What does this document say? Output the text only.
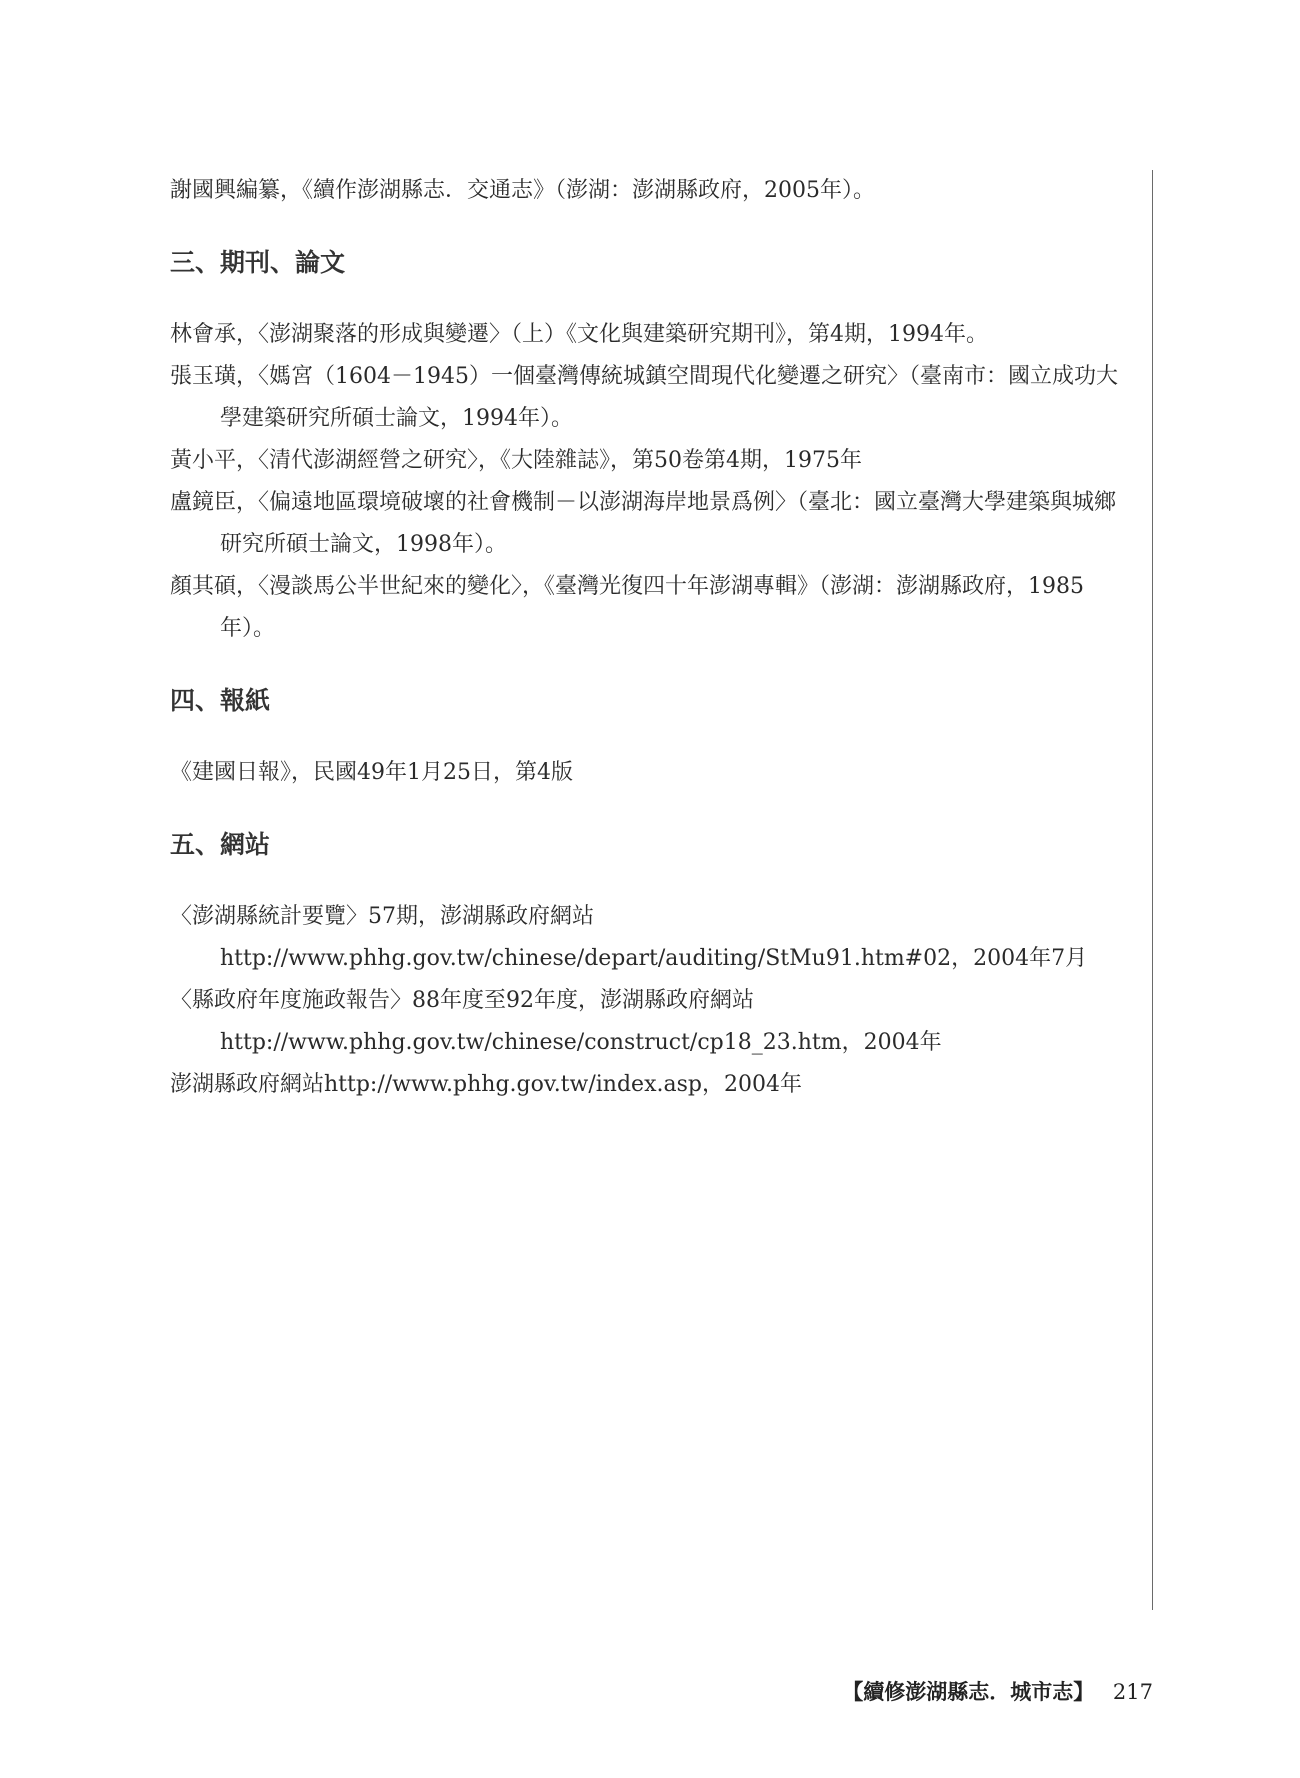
謝國興編纂，《續作澎湖縣志．交通志》（澎湖：澎湖縣政府，2005年）。

三、期刊、論文

林會承，〈澎湖聚落的形成與變遷〉（上）《文化與建築研究期刊》，第4期，1994年。

張玉璜，〈媽宮（1604－1945）一個臺灣傳統城鎮空間現代化變遷之研究〉（臺南市：國立成功大學建築研究所碩士論文，1994年）。

黃小平，〈清代澎湖經營之研究〉，《大陸雜誌》，第50卷第4期，1975年

盧鏡臣，〈偏遠地區環境破壞的社會機制－以澎湖海岸地景爲例〉（臺北：國立臺灣大學建築與城鄉研究所碩士論文，1998年）。

顏其碩，〈漫談馬公半世紀來的變化〉，《臺灣光復四十年澎湖專輯》（澎湖：澎湖縣政府，1985年）。

四、報紙

《建國日報》，民國49年1月25日，第4版

五、網站

〈澎湖縣統計要覽〉57期，澎湖縣政府網站http://www.phhg.gov.tw/chinese/depart/auditing/StMu91.htm#02，2004年7月

〈縣政府年度施政報告〉88年度至92年度，澎湖縣政府網站http://www.phhg.gov.tw/chinese/construct/cp18_23.htm，2004年

澎湖縣政府網站http://www.phhg.gov.tw/index.asp，2004年

【續修澎湖縣志．城市志】 217
